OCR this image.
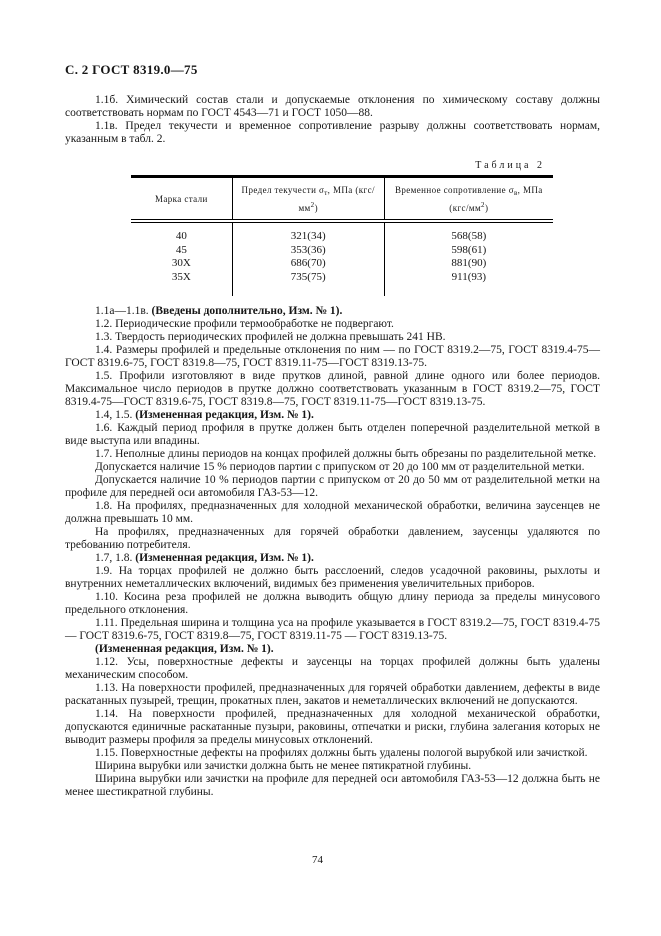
С. 2 ГОСТ 8319.0—75

1.1б. Химический состав стали и допускаемые отклонения по химическому составу должны соответствовать нормам по ГОСТ 4543—71 и ГОСТ 1050—88.

1.1в. Предел текучести и временное сопротивление разрыву должны соответствовать нормам, указанным в табл. 2.

Таблица 2
Марка стали	Предел текучести $\sigma_т$, МПа $(кгс/мм^2)$	Временное сопротивление $\sigma_в$, МПа $(кгс/мм^2)$
40	321(34)	568(58)
45	353(36)	598(61)
30Х	686(70)	881(90)
35Х	735(75)	911(93)

1.1а—1.1в. (Введены дополнительно, Изм. № 1).

1.2. Периодические профили термообработке не подвергают.

1.3. Твердость периодических профилей не должна превышать 241 НВ.

1.4. Размеры профилей и предельные отклонения по ним — по ГОСТ 8319.2—75, ГОСТ 8319.4-75—ГОСТ 8319.6-75, ГОСТ 8319.8—75, ГОСТ 8319.11-75—ГОСТ 8319.13-75.

1.5. Профили изготовляют в виде прутков длиной, равной длине одного или более периодов. Максимальное число периодов в прутке должно соответствовать указанным в ГОСТ 8319.2—75, ГОСТ 8319.4-75—ГОСТ 8319.6-75, ГОСТ 8319.8—75, ГОСТ 8319.11-75—ГОСТ 8319.13-75.

1.4, 1.5. (Измененная редакция, Изм. № 1).

1.6. Каждый период профиля в прутке должен быть отделен поперечной разделительной меткой в виде выступа или впадины.

1.7. Неполные длины периодов на концах профилей должны быть обрезаны по разделительной метке.

Допускается наличие 15 % периодов партии с припуском от 20 до 100 мм от разделительной метки.

Допускается наличие 10 % периодов партии с припуском от 20 до 50 мм от разделительной метки на профиле для передней оси автомобиля ГАЗ-53—12.

1.8. На профилях, предназначенных для холодной механической обработки, величина заусенцев не должна превышать 10 мм.

На профилях, предназначенных для горячей обработки давлением, заусенцы удаляются по требованию потребителя.

1.7, 1.8. (Измененная редакция, Изм. № 1).

1.9. На торцах профилей не должно быть расслоений, следов усадочной раковины, рыхлоты и внутренних неметаллических включений, видимых без применения увеличительных приборов.

1.10. Косина реза профилей не должна выводить общую длину периода за пределы минусового предельного отклонения.

1.11. Предельная ширина и толщина уса на профиле указывается в ГОСТ 8319.2—75, ГОСТ 8319.4-75 — ГОСТ 8319.6-75, ГОСТ 8319.8—75, ГОСТ 8319.11-75 — ГОСТ 8319.13-75.

(Измененная редакция, Изм. № 1).

1.12. Усы, поверхностные дефекты и заусенцы на торцах профилей должны быть удалены механическим способом.

1.13. На поверхности профилей, предназначенных для горячей обработки давлением, дефекты в виде раскатанных пузырей, трещин, прокатных плен, закатов и неметаллических включений не допускаются.

1.14. На поверхности профилей, предназначенных для холодной механической обработки, допускаются единичные раскатанные пузыри, раковины, отпечатки и риски, глубина залегания которых не выводит размеры профиля за пределы минусовых отклонений.

1.15. Поверхностные дефекты на профилях должны быть удалены пологой вырубкой или зачисткой.

Ширина вырубки или зачистки должна быть не менее пятикратной глубины.

Ширина вырубки или зачистки на профиле для передней оси автомобиля ГАЗ-53—12 должна быть не менее шестикратной глубины.

74
